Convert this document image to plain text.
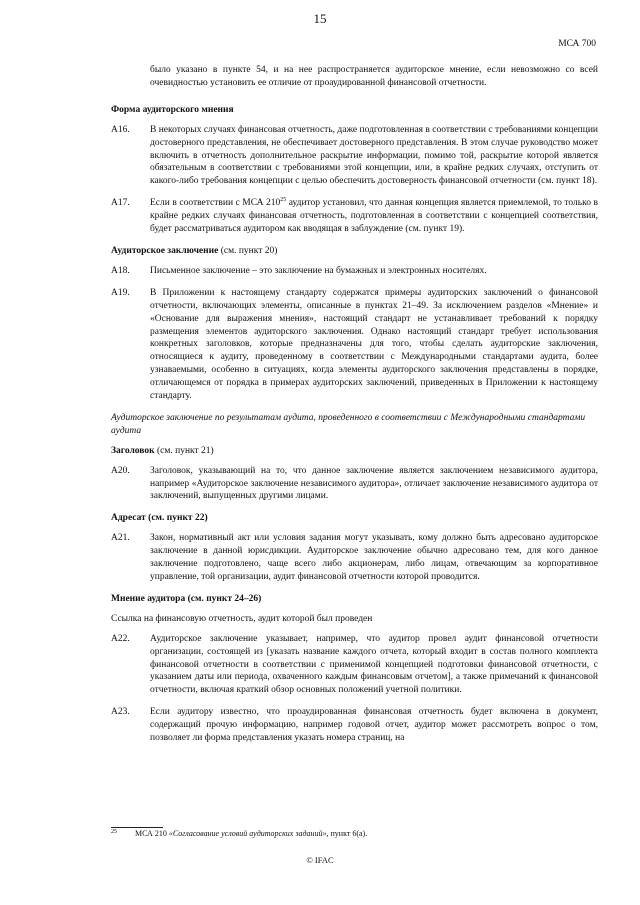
15
МСА 700
было указано в пункте 54, и на нее распространяется аудиторское мнение, если невозможно со всей очевидностью установить ее отличие от проаудированной финансовой отчетности.
Форма аудиторского мнения
A16.	В некоторых случаях финансовая отчетность, даже подготовленная в соответствии с требованиями концепции достоверного представления, не обеспечивает достоверного представления. В этом случае руководство может включить в отчетность дополнительное раскрытие информации, помимо той, раскрытие которой является обязательным в соответствии с требованиями этой концепции, или, в крайне редких случаях, отступить от какого-либо требования концепции с целью обеспечить достоверность финансовой отчетности (см. пункт 18).
A17.	Если в соответствии с МСА $210^{25}$ аудитор установил, что данная концепция является приемлемой, то только в крайне редких случаях финансовая отчетность, подготовленная в соответствии с концепцией соответствия, будет рассматриваться аудитором как вводящая в заблуждение (см. пункт 19).
Аудиторское заключение (см. пункт 20)
A18.	Письменное заключение – это заключение на бумажных и электронных носителях.
A19.	В Приложении к настоящему стандарту содержатся примеры аудиторских заключений о финансовой отчетности, включающих элементы, описанные в пунктах 21–49. За исключением разделов «Мнение» и «Основание для выражения мнения», настоящий стандарт не устанавливает требований к порядку размещения элементов аудиторского заключения. Однако настоящий стандарт требует использования конкретных заголовков, которые предназначены для того, чтобы сделать аудиторские заключения, относящиеся к аудиту, проведенному в соответствии с Международными стандартами аудита, более узнаваемыми, особенно в ситуациях, когда элементы аудиторского заключения представлены в порядке, отличающемся от порядка в примерах аудиторских заключений, приведенных в Приложении к настоящему стандарту.
Аудиторское заключение по результатам аудита, проведенного в соответствии с Международными стандартами аудита
Заголовок (см. пункт 21)
A20.	Заголовок, указывающий на то, что данное заключение является заключением независимого аудитора, например «Аудиторское заключение независимого аудитора», отличает заключение независимого аудитора от заключений, выпущенных другими лицами.
Адресат (см. пункт 22)
A21.	Закон, нормативный акт или условия задания могут указывать, кому должно быть адресовано аудиторское заключение в данной юрисдикции. Аудиторское заключение обычно адресовано тем, для кого данное заключение подготовлено, чаще всего либо акционерам, либо лицам, отвечающим за корпоративное управление, той организации, аудит финансовой отчетности которой проводится.
Мнение аудитора (см. пункт 24–26)
Ссылка на финансовую отчетность, аудит которой был проведен
A22.	Аудиторское заключение указывает, например, что аудитор провел аудит финансовой отчетности организации, состоящей из [указать название каждого отчета, который входит в состав полного комплекта финансовой отчетности в соответствии с применимой концепцией подготовки финансовой отчетности, с указанием даты или периода, охваченного каждым финансовым отчетом], а также примечаний к финансовой отчетности, включая краткий обзор основных положений учетной политики.
A23.	Если аудитору известно, что проаудированная финансовая отчетность будет включена в документ, содержащий прочую информацию, например годовой отчет, аудитор может рассмотреть вопрос о том, позволяет ли форма представления указать номера страниц, на
25 МСА 210 «Согласование условий аудиторских заданий», пункт 6(a).
© IFAC
